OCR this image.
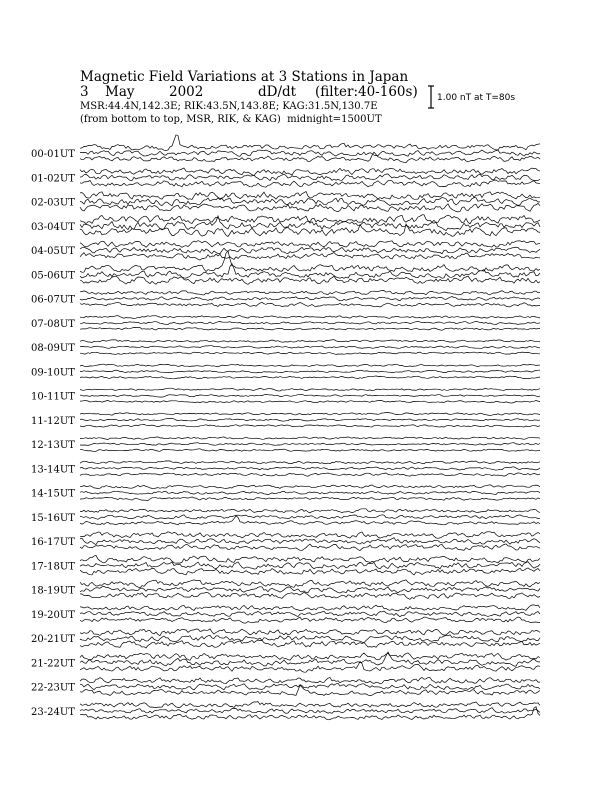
Magnetic Field Variations at 3 Stations in Japan

3

May

	2002

	dD/dt

(filter:40-160s)

MSR:44.4N,142.3E; RIK:43.5N,143.8E; KAG:31.5N,130.7E
(from bottom to top, MSR, RIK, & KAG) midnight=1500UT
1.00 nT at T=80s
00-01UT
01-02UT
02-03UT
03-04UT
04-05UT
05-06UT
06-07UT
07-08UT
08-09UT
09-10UT
10-11UT
11-12UT
12-13UT
13-14UT
14-15UT
15-16UT
16-17UT
17-18UT
18-19UT
19-20UT
20-21UT
21-22UT
22-23UT
23-24UT
